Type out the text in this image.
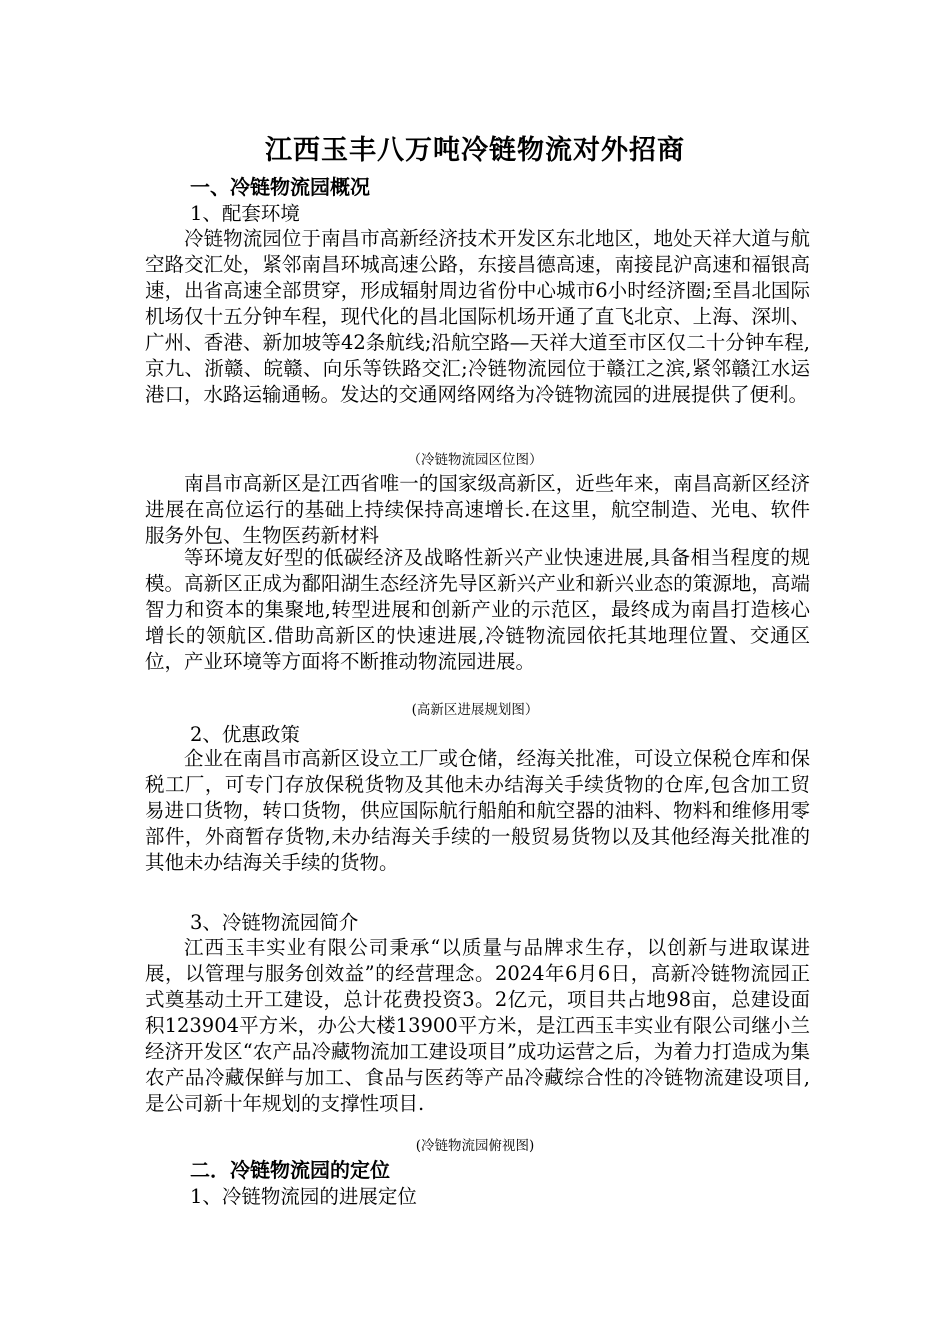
江西玉丰八万吨冷链物流对外招商
一、冷链物流园概况
1、配套环境
冷链物流园位于南昌市高新经济技术开发区东北地区，地处天祥大道与航空路交汇处，紧邻南昌环城高速公路，东接昌德高速，南接昆沪高速和福银高速，出省高速全部贯穿，形成辐射周边省份中心城市6小时经济圈;至昌北国际机场仅十五分钟车程，现代化的昌北国际机场开通了直飞北京、上海、深圳、广州、香港、新加坡等42条航线;沿航空路—天祥大道至市区仅二十分钟车程,京九、浙赣、皖赣、向乐等铁路交汇;冷链物流园位于赣江之滨,紧邻赣江水运港口，水路运输通畅。发达的交通网络网络为冷链物流园的进展提供了便利。
（冷链物流园区位图）
南昌市高新区是江西省唯一的国家级高新区，近些年来，南昌高新区经济进展在高位运行的基础上持续保持高速增长.在这里，航空制造、光电、软件服务外包、生物医药新材料
等环境友好型的低碳经济及战略性新兴产业快速进展,具备相当程度的规模。高新区正成为鄱阳湖生态经济先导区新兴产业和新兴业态的策源地，高端智力和资本的集聚地,转型进展和创新产业的示范区，最终成为南昌打造核心增长的领航区.借助高新区的快速进展,冷链物流园依托其地理位置、交通区位，产业环境等方面将不断推动物流园进展。
(高新区进展规划图）
2、优惠政策
企业在南昌市高新区设立工厂或仓储，经海关批准，可设立保税仓库和保税工厂，可专门存放保税货物及其他未办结海关手续货物的仓库,包含加工贸易进口货物，转口货物，供应国际航行船舶和航空器的油料、物料和维修用零部件，外商暂存货物,未办结海关手续的一般贸易货物以及其他经海关批准的其他未办结海关手续的货物。
3、冷链物流园简介
江西玉丰实业有限公司秉承“以质量与品牌求生存，以创新与进取谋进展，以管理与服务创效益”的经营理念。2024年6月6日，高新冷链物流园正式奠基动土开工建设，总计花费投资3。2亿元，项目共占地98亩，总建设面积123904平方米，办公大楼13900平方米，是江西玉丰实业有限公司继小兰经济开发区“农产品冷藏物流加工建设项目”成功运营之后，为着力打造成为集农产品冷藏保鲜与加工、食品与医药等产品冷藏综合性的冷链物流建设项目,是公司新十年规划的支撑性项目.
(冷链物流园俯视图)
二．冷链物流园的定位
1、冷链物流园的进展定位
